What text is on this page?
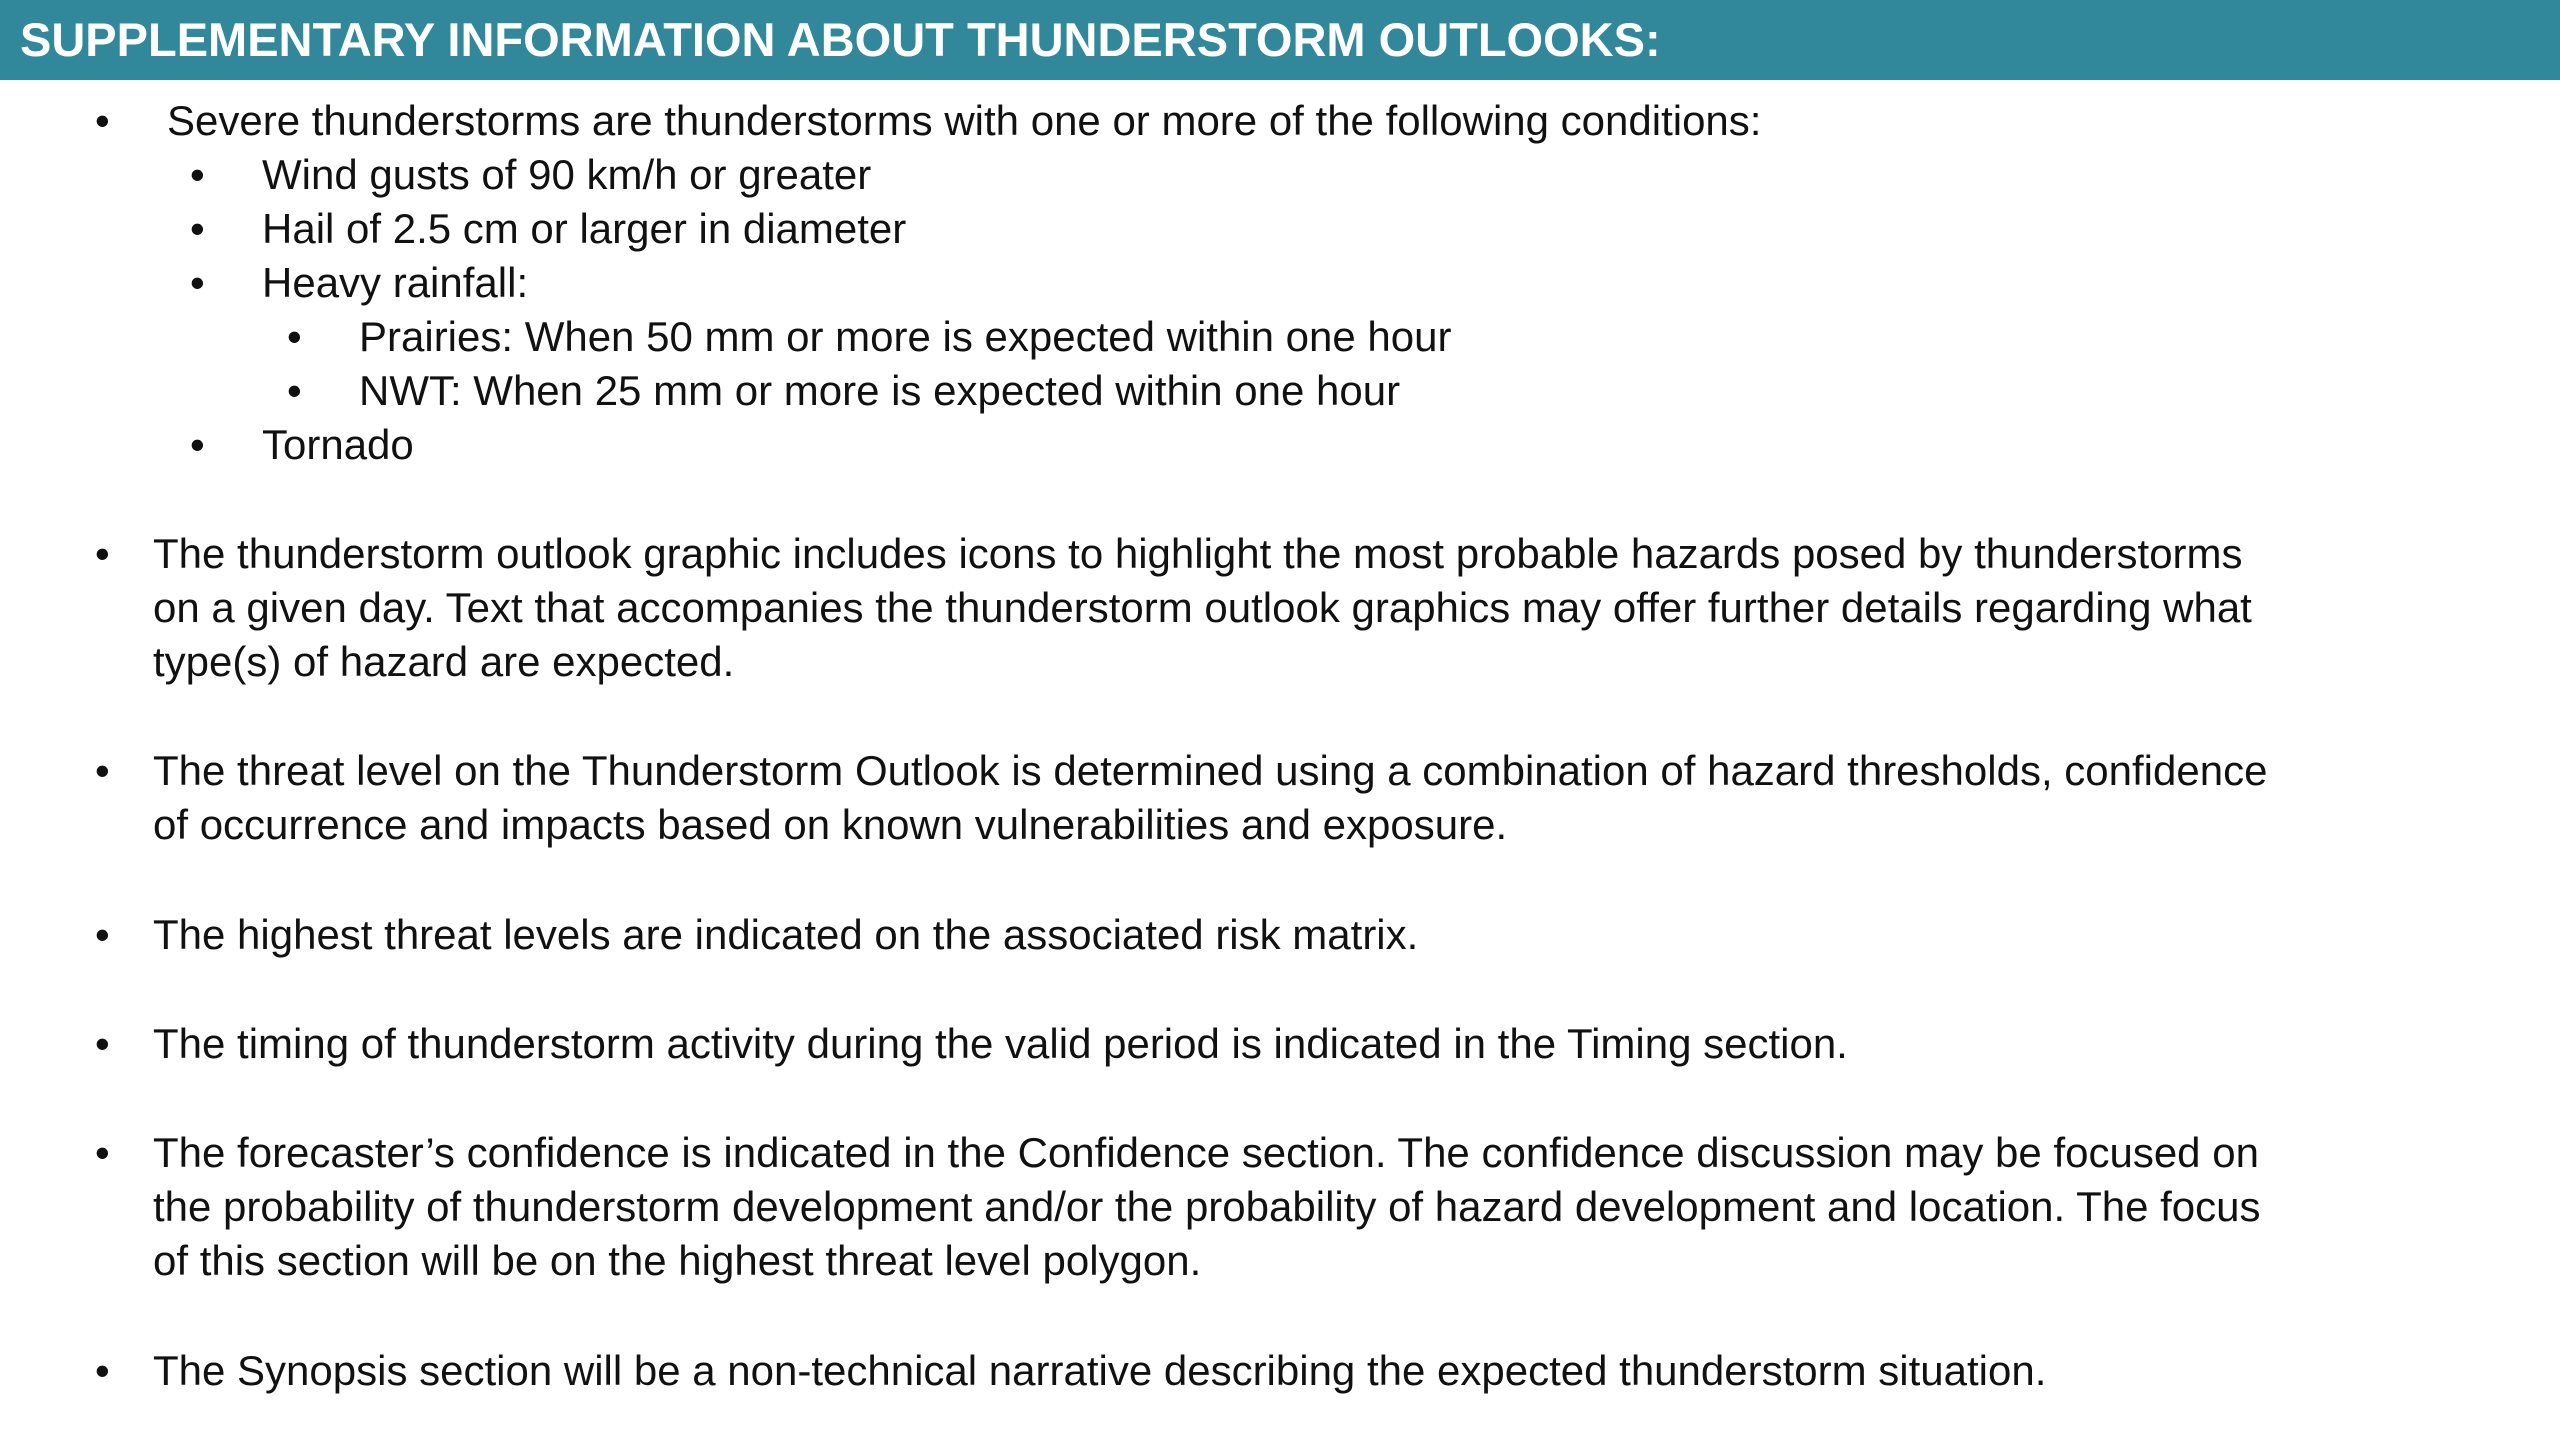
SUPPLEMENTARY INFORMATION ABOUT THUNDERSTORM OUTLOOKS:
• Severe thunderstorms are thunderstorms with one or more of the following conditions:
• Wind gusts of 90 km/h or greater
• Hail of 2.5 cm or larger in diameter
• Heavy rainfall:
• Prairies: When 50 mm or more is expected within one hour
• NWT: When 25 mm or more is expected within one hour
• Tornado
• The thunderstorm outlook graphic includes icons to highlight the most probable hazards posed by thunderstorms
on a given day. Text that accompanies the thunderstorm outlook graphics may offer further details regarding what
type(s) of hazard are expected.
• The threat level on the Thunderstorm Outlook is determined using a combination of hazard thresholds, confidence
of occurrence and impacts based on known vulnerabilities and exposure.
• The highest threat levels are indicated on the associated risk matrix.
• The timing of thunderstorm activity during the valid period is indicated in the Timing section.
• The forecaster’s confidence is indicated in the Confidence section. The confidence discussion may be focused on
the probability of thunderstorm development and/or the probability of hazard development and location. The focus
of this section will be on the highest threat level polygon.
• The Synopsis section will be a non-technical narrative describing the expected thunderstorm situation.
